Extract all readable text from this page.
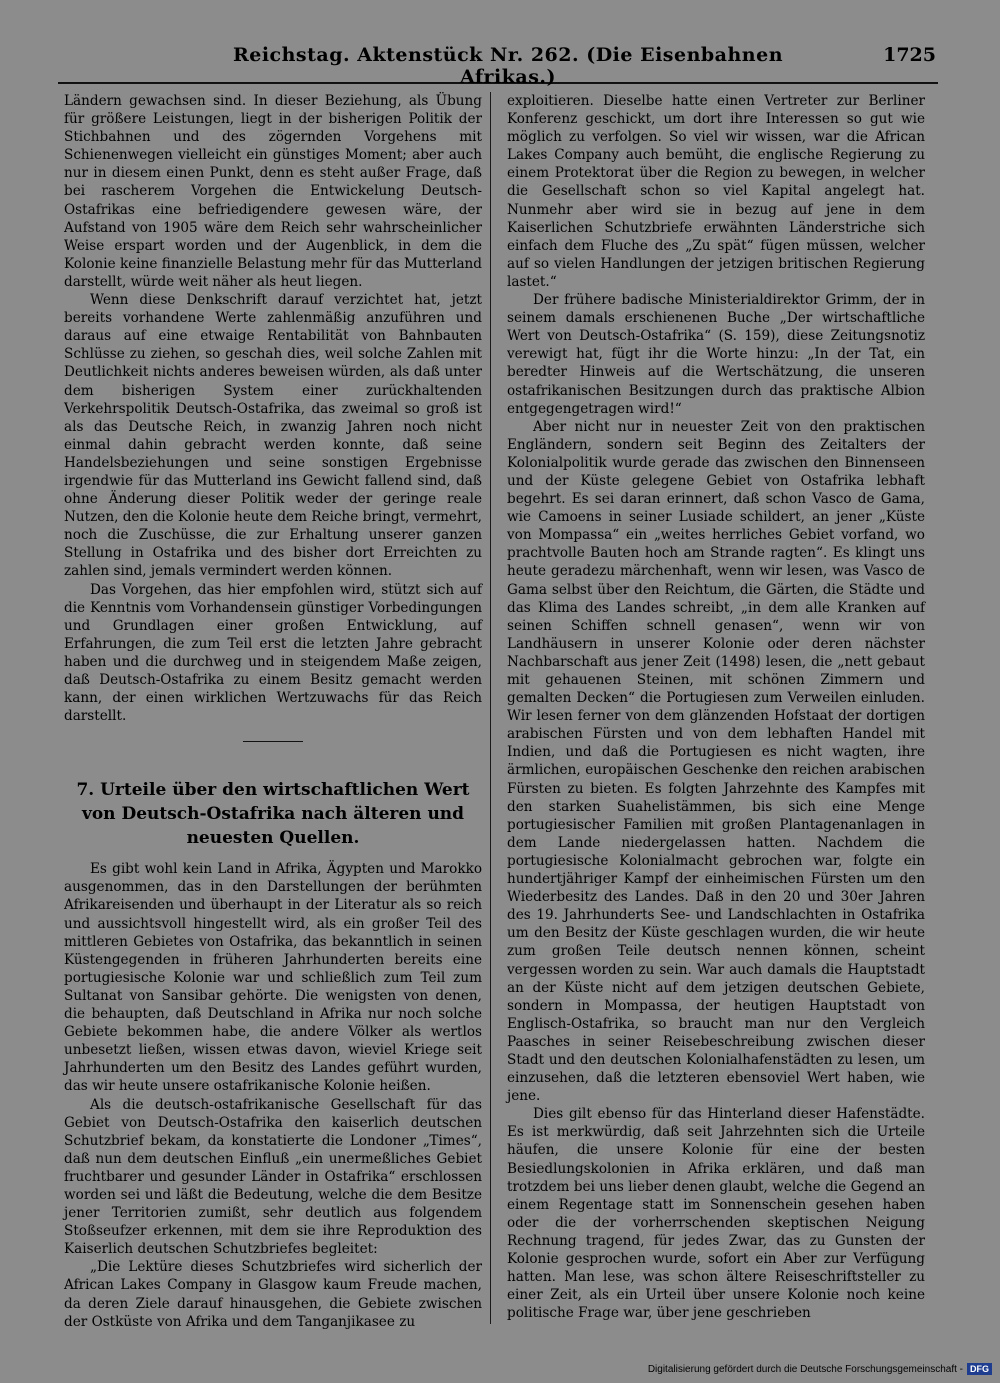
Reichstag. Aktenstück Nr. 262. (Die Eisenbahnen Afrikas.)
1725

Ländern gewachsen sind. In dieser Beziehung, als Übung für größere Leistungen, liegt in der bisherigen Politik der Stichbahnen und des zögernden Vorgehens mit Schienenwegen vielleicht ein günstiges Moment; aber auch nur in diesem einen Punkt, denn es steht außer Frage, daß bei rascherem Vorgehen die Entwickelung Deutsch-Ostafrikas eine befriedigendere gewesen wäre, der Aufstand von 1905 wäre dem Reich sehr wahrscheinlicher Weise erspart worden und der Augenblick, in dem die Kolonie keine finanzielle Belastung mehr für das Mutterland darstellt, würde weit näher als heut liegen.

Wenn diese Denkschrift darauf verzichtet hat, jetzt bereits vorhandene Werte zahlenmäßig anzuführen und daraus auf eine etwaige Rentabilität von Bahnbauten Schlüsse zu ziehen, so geschah dies, weil solche Zahlen mit Deutlichkeit nichts anderes beweisen würden, als daß unter dem bisherigen System einer zurückhaltenden Verkehrspolitik Deutsch-Ostafrika, das zweimal so groß ist als das Deutsche Reich, in zwanzig Jahren noch nicht einmal dahin gebracht werden konnte, daß seine Handelsbeziehungen und seine sonstigen Ergebnisse irgendwie für das Mutterland ins Gewicht fallend sind, daß ohne Änderung dieser Politik weder der geringe reale Nutzen, den die Kolonie heute dem Reiche bringt, vermehrt, noch die Zuschüsse, die zur Erhaltung unserer ganzen Stellung in Ostafrika und des bisher dort Erreichten zu zahlen sind, jemals vermindert werden können.

Das Vorgehen, das hier empfohlen wird, stützt sich auf die Kenntnis vom Vorhandensein günstiger Vorbedingungen und Grundlagen einer großen Entwicklung, auf Erfahrungen, die zum Teil erst die letzten Jahre gebracht haben und die durchweg und in steigendem Maße zeigen, daß Deutsch-Ostafrika zu einem Besitz gemacht werden kann, der einen wirklichen Wertzuwachs für das Reich darstellt.

7. Urteile über den wirtschaftlichen Wert von Deutsch-Ostafrika nach älteren und neuesten Quellen.

Es gibt wohl kein Land in Afrika, Ägypten und Marokko ausgenommen, das in den Darstellungen der berühmten Afrikareisenden und überhaupt in der Literatur als so reich und aussichtsvoll hingestellt wird, als ein großer Teil des mittleren Gebietes von Ostafrika, das bekanntlich in seinen Küstengegenden in früheren Jahrhunderten bereits eine portugiesische Kolonie war und schließlich zum Teil zum Sultanat von Sansibar gehörte. Die wenigsten von denen, die behaupten, daß Deutschland in Afrika nur noch solche Gebiete bekommen habe, die andere Völker als wertlos unbesetzt ließen, wissen etwas davon, wieviel Kriege seit Jahrhunderten um den Besitz des Landes geführt wurden, das wir heute unsere ostafrikanische Kolonie heißen.

Als die deutsch-ostafrikanische Gesellschaft für das Gebiet von Deutsch-Ostafrika den kaiserlich deutschen Schutzbrief bekam, da konstatierte die Londoner „Times“, daß nun dem deutschen Einfluß „ein unermeßliches Gebiet fruchtbarer und gesunder Länder in Ostafrika“ erschlossen worden sei und läßt die Bedeutung, welche die dem Besitze jener Territorien zumißt, sehr deutlich aus folgendem Stoßseufzer erkennen, mit dem sie ihre Reproduktion des Kaiserlich deutschen Schutzbriefes begleitet:

„Die Lektüre dieses Schutzbriefes wird sicherlich der African Lakes Company in Glasgow kaum Freude machen, da deren Ziele darauf hinausgehen, die Gebiete zwischen der Ostküste von Afrika und dem Tanganjikasee zu

exploitieren. Dieselbe hatte einen Vertreter zur Berliner Konferenz geschickt, um dort ihre Interessen so gut wie möglich zu verfolgen. So viel wir wissen, war die African Lakes Company auch bemüht, die englische Regierung zu einem Protektorat über die Region zu bewegen, in welcher die Gesellschaft schon so viel Kapital angelegt hat. Nunmehr aber wird sie in bezug auf jene in dem Kaiserlichen Schutzbriefe erwähnten Länderstriche sich einfach dem Fluche des „Zu spät“ fügen müssen, welcher auf so vielen Handlungen der jetzigen britischen Regierung lastet.“

Der frühere badische Ministerialdirektor Grimm, der in seinem damals erschienenen Buche „Der wirtschaftliche Wert von Deutsch-Ostafrika“ (S. 159), diese Zeitungsnotiz verewigt hat, fügt ihr die Worte hinzu: „In der Tat, ein beredter Hinweis auf die Wertschätzung, die unseren ostafrikanischen Besitzungen durch das praktische Albion entgegengetragen wird!“

Aber nicht nur in neuester Zeit von den praktischen Engländern, sondern seit Beginn des Zeitalters der Kolonialpolitik wurde gerade das zwischen den Binnenseen und der Küste gelegene Gebiet von Ostafrika lebhaft begehrt. Es sei daran erinnert, daß schon Vasco de Gama, wie Camoens in seiner Lusiade schildert, an jener „Küste von Mompassa“ ein „weites herrliches Gebiet vorfand, wo prachtvolle Bauten hoch am Strande ragten“. Es klingt uns heute geradezu märchenhaft, wenn wir lesen, was Vasco de Gama selbst über den Reichtum, die Gärten, die Städte und das Klima des Landes schreibt, „in dem alle Kranken auf seinen Schiffen schnell genasen“, wenn wir von Landhäusern in unserer Kolonie oder deren nächster Nachbarschaft aus jener Zeit (1498) lesen, die „nett gebaut mit gehauenen Steinen, mit schönen Zimmern und gemalten Decken“ die Portugiesen zum Verweilen einluden. Wir lesen ferner von dem glänzenden Hofstaat der dortigen arabischen Fürsten und von dem lebhaften Handel mit Indien, und daß die Portugiesen es nicht wagten, ihre ärmlichen, europäischen Geschenke den reichen arabischen Fürsten zu bieten. Es folgten Jahrzehnte des Kampfes mit den starken Suahelistämmen, bis sich eine Menge portugiesischer Familien mit großen Plantagenanlagen in dem Lande niedergelassen hatten. Nachdem die portugiesische Kolonialmacht gebrochen war, folgte ein hundertjähriger Kampf der einheimischen Fürsten um den Wiederbesitz des Landes. Daß in den 20 und 30er Jahren des 19. Jahrhunderts See- und Landschlachten in Ostafrika um den Besitz der Küste geschlagen wurden, die wir heute zum großen Teile deutsch nennen können, scheint vergessen worden zu sein. War auch damals die Hauptstadt an der Küste nicht auf dem jetzigen deutschen Gebiete, sondern in Mompassa, der heutigen Hauptstadt von Englisch-Ostafrika, so braucht man nur den Vergleich Paasches in seiner Reisebeschreibung zwischen dieser Stadt und den deutschen Kolonialhafenstädten zu lesen, um einzusehen, daß die letzteren ebensoviel Wert haben, wie jene.

Dies gilt ebenso für das Hinterland dieser Hafenstädte. Es ist merkwürdig, daß seit Jahrzehnten sich die Urteile häufen, die unsere Kolonie für eine der besten Besiedlungskolonien in Afrika erklären, und daß man trotzdem bei uns lieber denen glaubt, welche die Gegend an einem Regentage statt im Sonnenschein gesehen haben oder die der vorherrschenden skeptischen Neigung Rechnung tragend, für jedes Zwar, das zu Gunsten der Kolonie gesprochen wurde, sofort ein Aber zur Verfügung hatten. Man lese, was schon ältere Reiseschriftsteller zu einer Zeit, als ein Urteil über unsere Kolonie noch keine politische Frage war, über jene geschrieben

Digitalisierung gefördert durch die Deutsche Forschungsgemeinschaft - DFG
